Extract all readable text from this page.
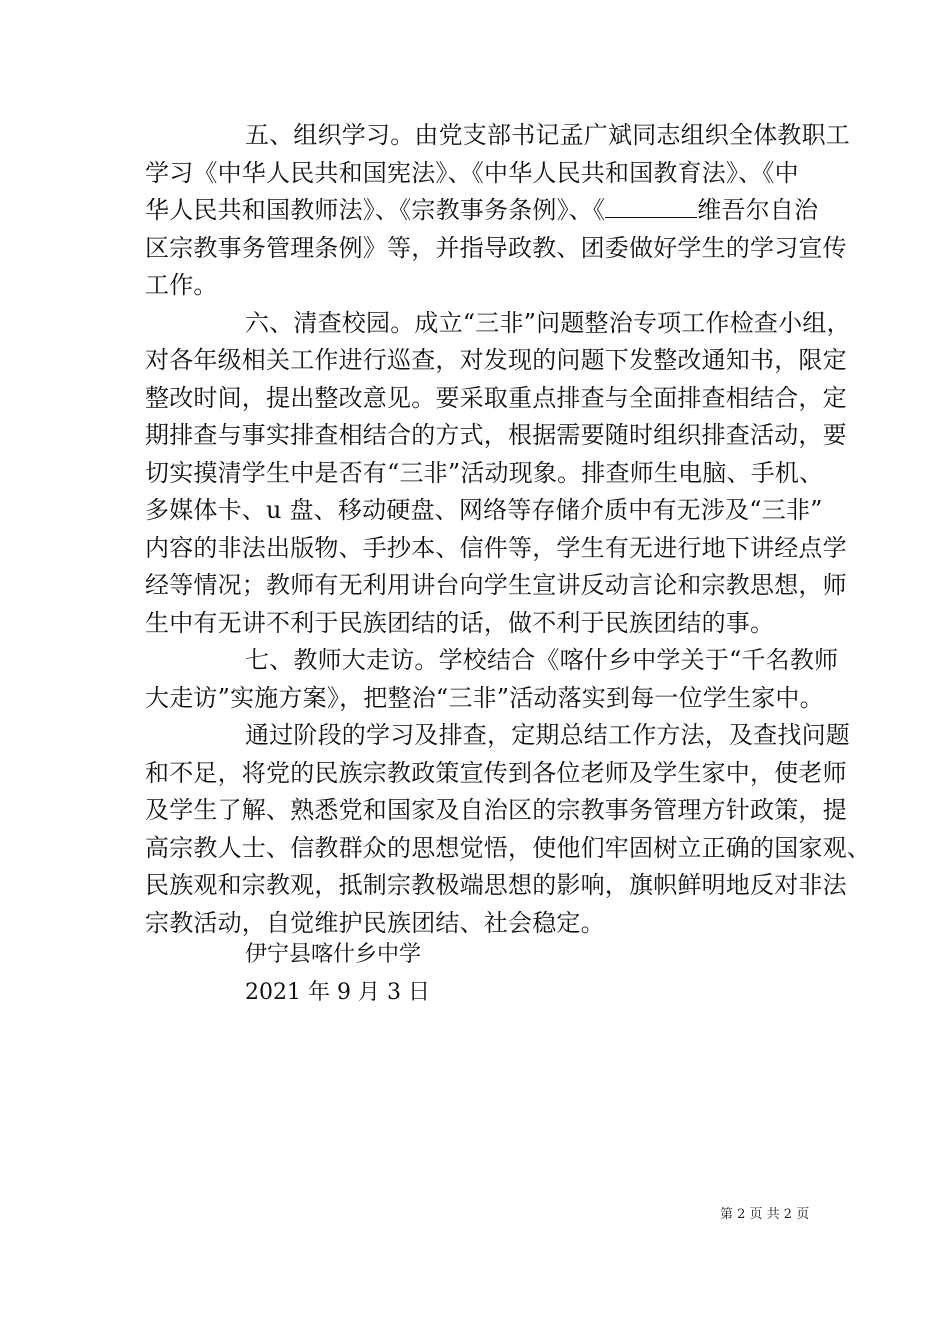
五、组织学习。由党支部书记孟广斌同志组织全体教职工
学习《中华人民共和国宪法》、《中华人民共和国教育法》、《中
华人民共和国教师法》、《宗教事务条例》、《	维吾尔自治
区宗教事务管理条例》等，并指导政教、团委做好学生的学习宣传
工作。
六、清查校园。成立“三非”问题整治专项工作检查小组，
对各年级相关工作进行巡查，对发现的问题下发整改通知书，限定
整改时间，提出整改意见。要采取重点排查与全面排查相结合，定
期排查与事实排查相结合的方式，根据需要随时组织排查活动，要
切实摸清学生中是否有“三非”活动现象。排查师生电脑、手机、
多媒体卡、u 盘、移动硬盘、网络等存储介质中有无涉及“三非”
内容的非法出版物、手抄本、信件等，学生有无进行地下讲经点学
经等情况；教师有无利用讲台向学生宣讲反动言论和宗教思想，师
生中有无讲不利于民族团结的话，做不利于民族团结的事。
七、教师大走访。学校结合《喀什乡中学关于“千名教师
大走访”实施方案》，把整治“三非”活动落实到每一位学生家中。
通过阶段的学习及排查，定期总结工作方法，及查找问题
和不足，将党的民族宗教政策宣传到各位老师及学生家中，使老师
及学生了解、熟悉党和国家及自治区的宗教事务管理方针政策，提
高宗教人士、信教群众的思想觉悟，使他们牢固树立正确的国家观、
民族观和宗教观，抵制宗教极端思想的影响，旗帜鲜明地反对非法
宗教活动，自觉维护民族团结、社会稳定。
伊宁县喀什乡中学
2021 年 9 月 3 日
第 2 页 共 2 页
